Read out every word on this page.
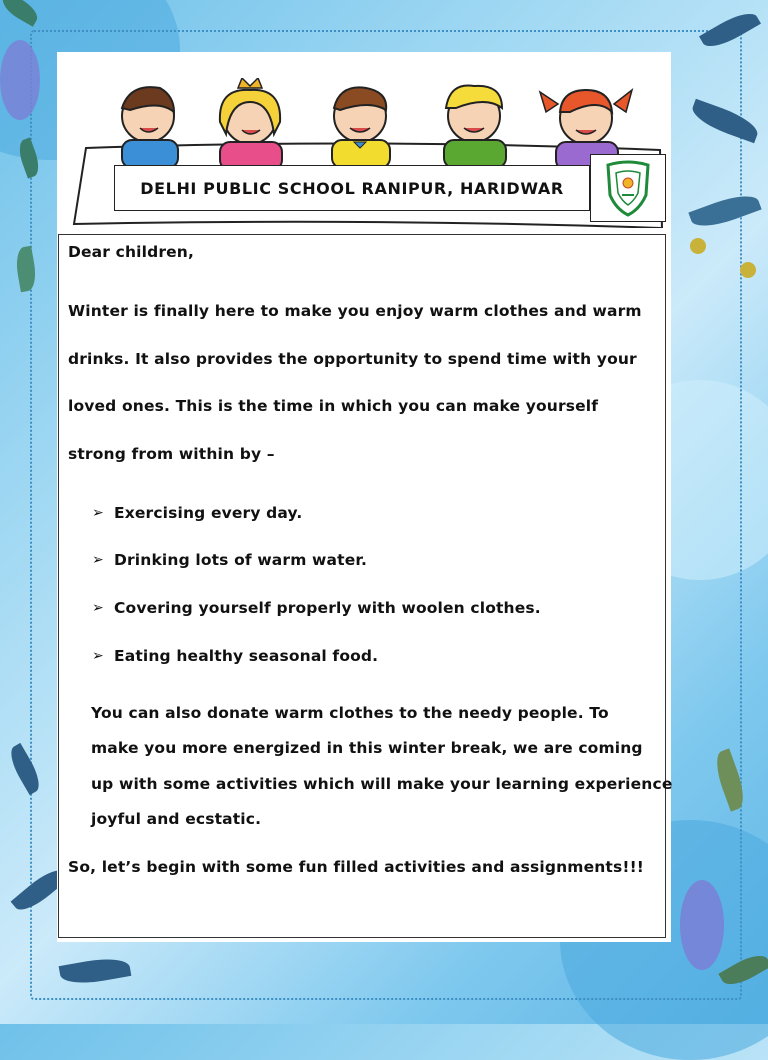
DELHI PUBLIC SCHOOL RANIPUR, HARIDWAR
Dear children,
Winter is finally here to make you enjoy warm clothes and warm
drinks. It also provides the opportunity to spend time with your
loved ones. This is the time in which you can make yourself
strong from within by –
➢ Exercising every day.
➢ Drinking lots of warm water.
➢ Covering yourself properly with woolen clothes.
➢ Eating healthy seasonal food.
You can also donate warm clothes to the needy people. To
make you more energized in this winter break, we are coming
up with some activities which will make your learning experience
joyful and ecstatic.
So, let’s begin with some fun filled activities and assignments!!!
